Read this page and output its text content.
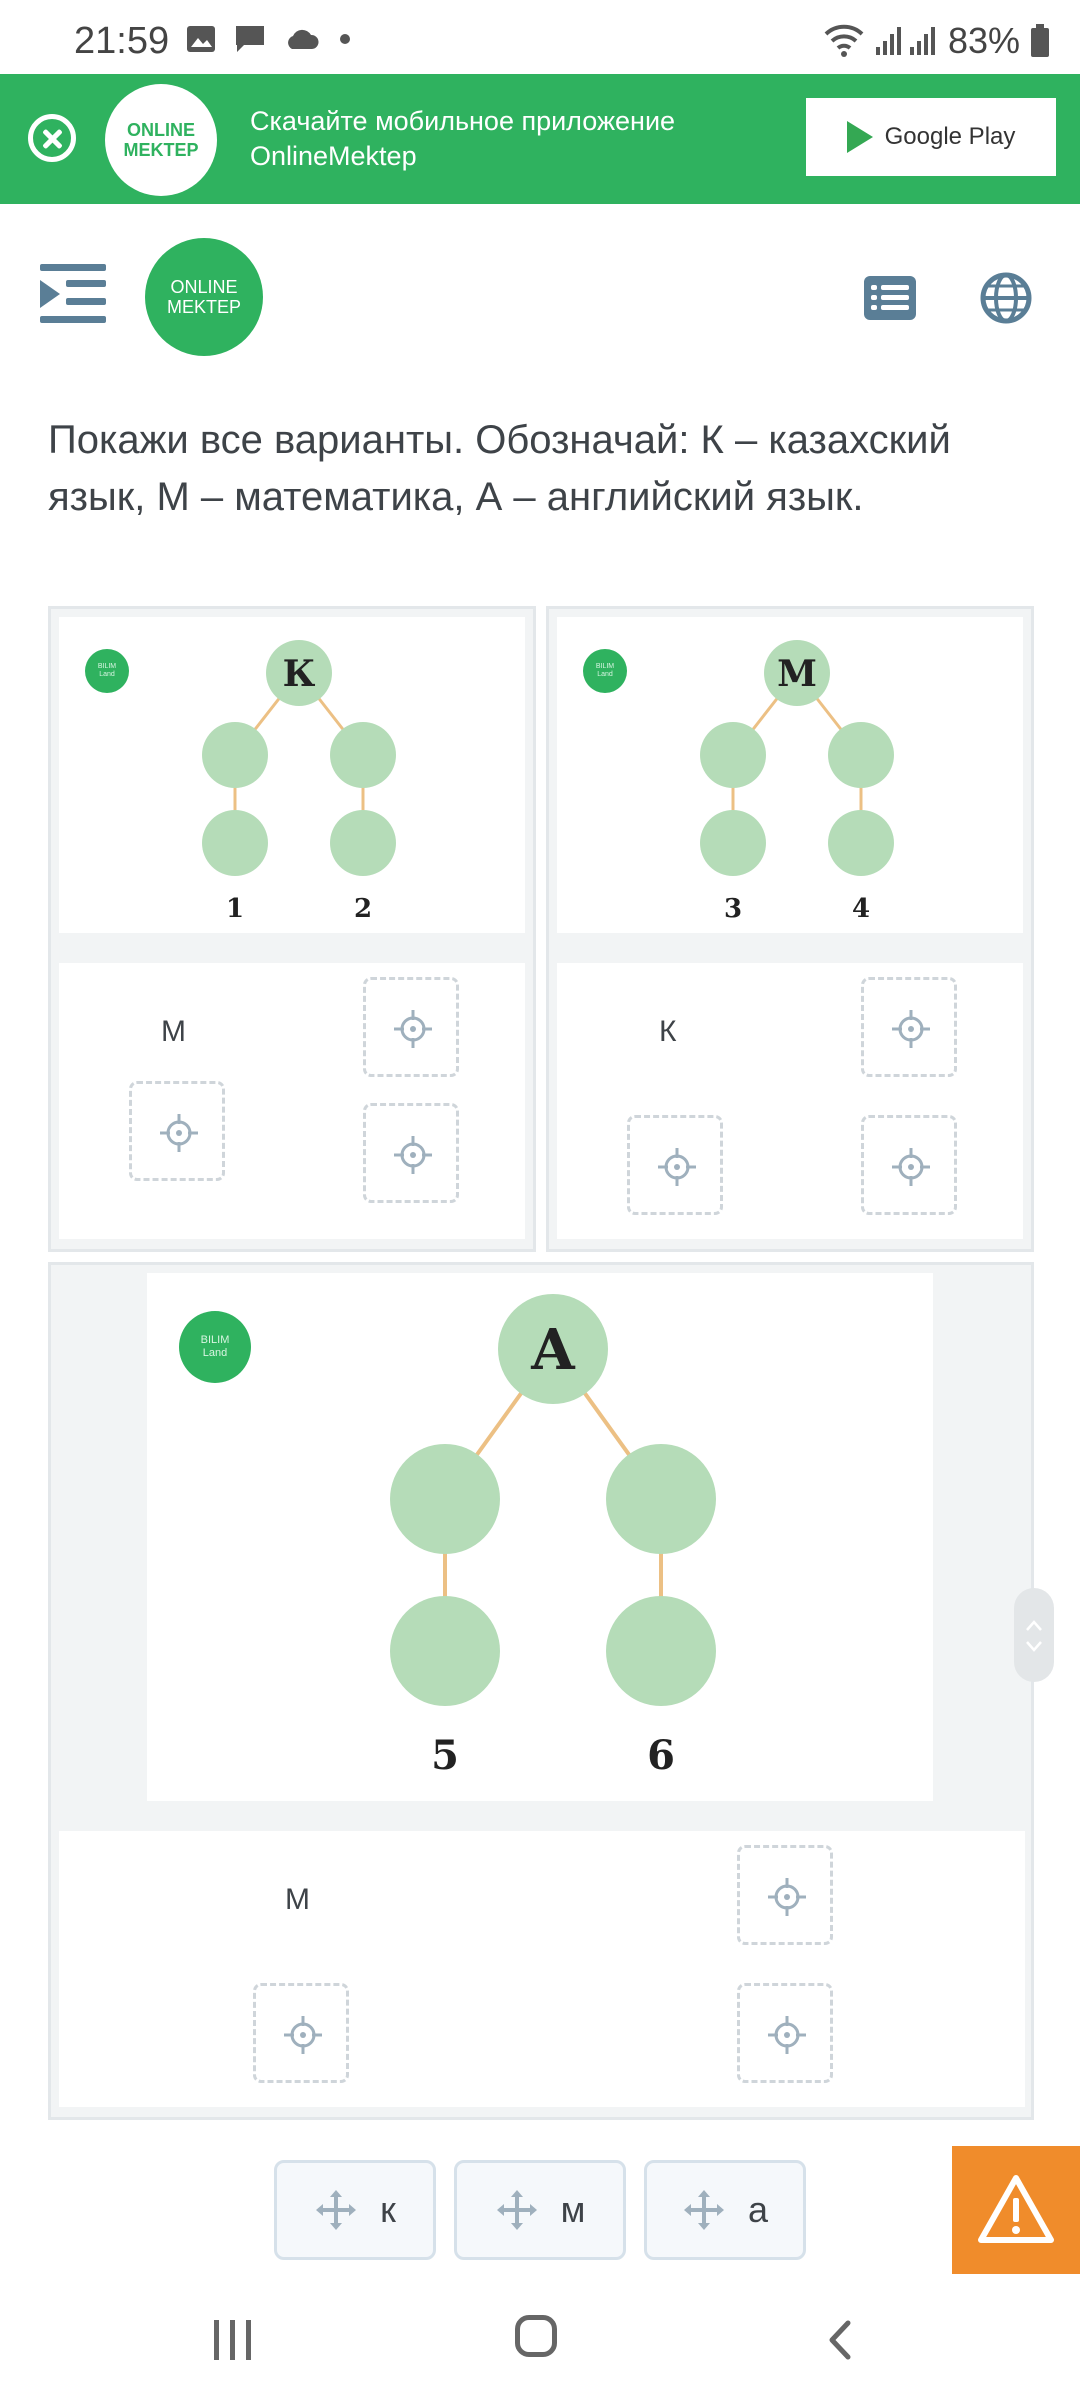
21:59	83%
ONLINE
MEKTEP
Скачайте мобильное приложение
OnlineMektep
Google Play
ONLINE
MEKTEP
Покажи все варианты. Обозначай: К – казахский язык, М – математика, А – английский язык.
BILIM
Land	К
1	2
М
BILIM
Land	М
3	4
К
BILIM
Land	А
5	6
М
к	м	а
